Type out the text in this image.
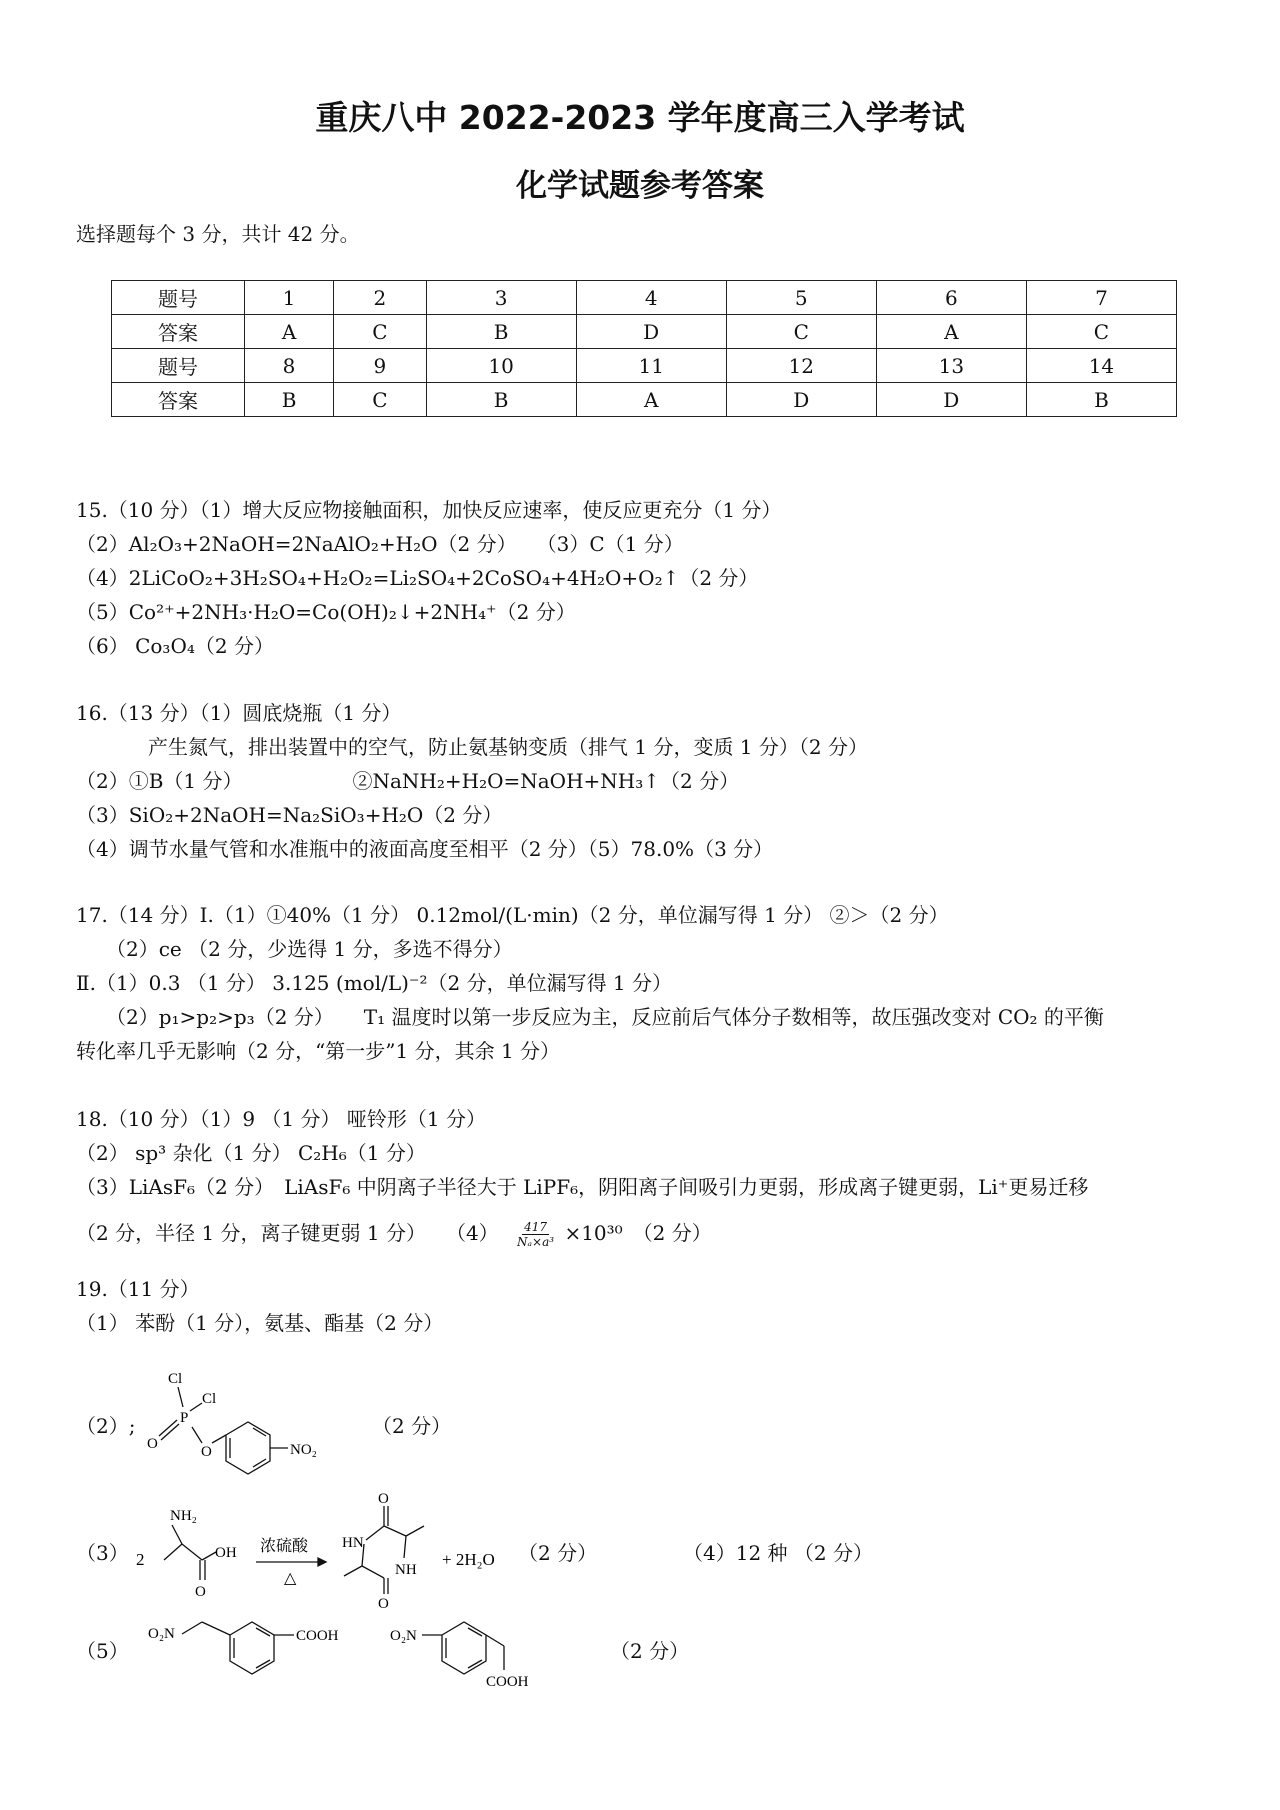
重庆八中 2022-2023 学年度高三入学考试
化学试题参考答案
选择题每个 3 分，共计 42 分。
题号	1	2	3	4	5	6	7
答案	A	C	B	D	C	A	C
题号	8	9	10	11	12	13	14
答案	B	C	B	A	D	D	B
15.（10 分）（1）增大反应物接触面积，加快反应速率，使反应更充分（1 分）
（2）Al₂O₃+2NaOH=2NaAlO₂+H₂O（2 分）　　（3）C（1 分）
（4）2LiCoO₂+3H₂SO₄+H₂O₂=Li₂SO₄+2CoSO₄+4H₂O+O₂↑（2 分）
（5）Co²⁺+2NH₃·H₂O=Co(OH)₂↓+2NH₄⁺（2 分）
（6） Co₃O₄（2 分）
16.（13 分）（1）圆底烧瓶（1 分）
产生氮气，排出装置中的空气，防止氨基钠变质（排气 1 分，变质 1 分）（2 分）
（2）①B（1 分）　　　　　　②NaNH₂+H₂O=NaOH+NH₃↑（2 分）
（3）SiO₂+2NaOH=Na₂SiO₃+H₂O（2 分）
（4）调节水量气管和水准瓶中的液面高度至相平（2 分）（5）78.0%（3 分）
17.（14 分）Ⅰ.（1）①40%（1 分） 0.12mol/(L·min)（2 分，单位漏写得 1 分） ②＞（2 分）
（2）ce （2 分，少选得 1 分，多选不得分）
Ⅱ.（1）0.3 （1 分） 3.125 (mol/L)⁻²（2 分，单位漏写得 1 分）
（2）p₁>p₂>p₃（2 分）　　T₁ 温度时以第一步反应为主，反应前后气体分子数相等，故压强改变对 CO₂ 的平衡
转化率几乎无影响（2 分，“第一步”1 分，其余 1 分）
18.（10 分）（1）9 （1 分） 哑铃形（1 分）
（2） sp³ 杂化（1 分） C₂H₆（1 分）
（3）LiAsF₆（2 分）　LiAsF₆ 中阴离子半径大于 LiPF₆，阴阳离子间吸引力更弱，形成离子键更弱，Li⁺更易迁移
（2 分，半径 1 分，离子键更弱 1 分）　　$(4) \frac{417}{\text{Nₐ×a³}} \times 10^{30}$　（2 分）
19.（11 分）
（1） 苯酚（1 分），氨基、酯基（2 分）
（2）;
Cl
Cl
P
O	O	NO₂
（2 分）
（3）
NH₂
2	OH
O
浓硫酸
△
O
HN
NH
O
+ 2H₂O （2 分）	（4）12 种 （2 分）
（5）
O₂N	COOH	O₂N
COOH
（2 分）
